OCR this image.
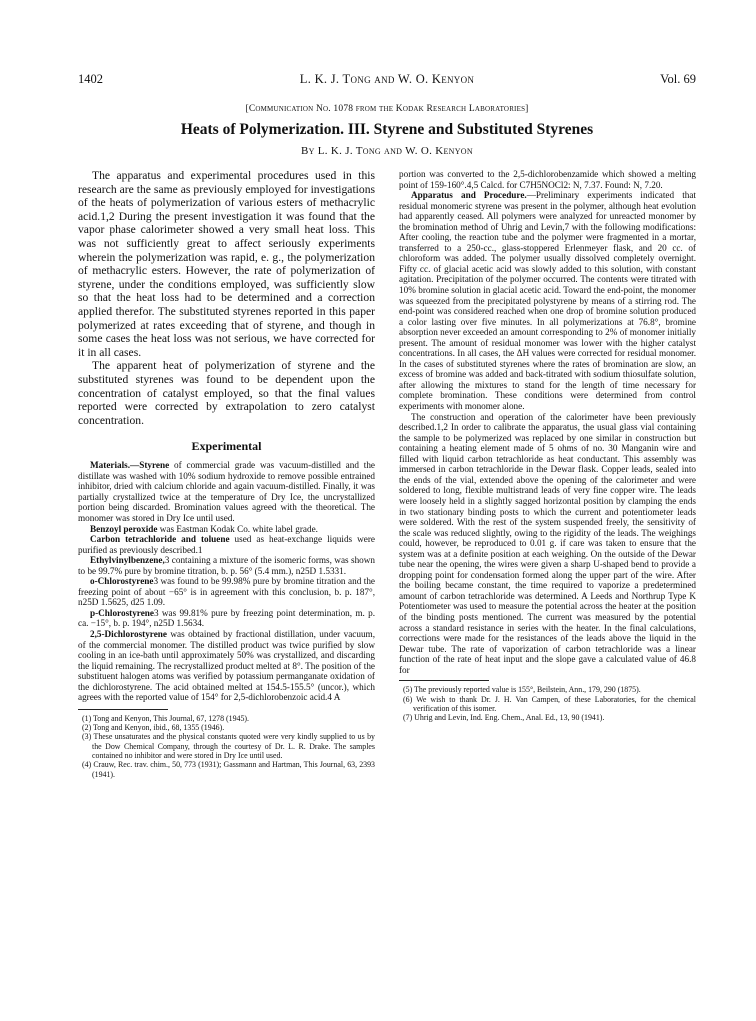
1402	L. K. J. Tong and W. O. Kenyon	Vol. 69
[Communication No. 1078 from the Kodak Research Laboratories]
Heats of Polymerization. III. Styrene and Substituted Styrenes
By L. K. J. Tong and W. O. Kenyon

The apparatus and experimental procedures used in this research are the same as previously employed for investigations of the heats of polymerization of various esters of methacrylic acid.1,2 During the present investigation it was found that the vapor phase calorimeter showed a very small heat loss. This was not sufficiently great to affect seriously experiments wherein the polymerization was rapid, e. g., the polymerization of methacrylic esters. However, the rate of polymerization of styrene, under the conditions employed, was sufficiently slow so that the heat loss had to be determined and a correction applied therefor. The substituted styrenes reported in this paper polymerized at rates exceeding that of styrene, and though in some cases the heat loss was not serious, we have corrected for it in all cases.

The apparent heat of polymerization of styrene and the substituted styrenes was found to be dependent upon the concentration of catalyst employed, so that the final values reported were corrected by extrapolation to zero catalyst concentration.

Experimental

Materials.—Styrene of commercial grade was vacuum-distilled and the distillate was washed with 10% sodium hydroxide to remove possible entrained inhibitor, dried with calcium chloride and again vacuum-distilled. Finally, it was partially crystallized twice at the temperature of Dry Ice, the uncrystallized portion being discarded. Bromination values agreed with the theoretical. The monomer was stored in Dry Ice until used.

Benzoyl peroxide was Eastman Kodak Co. white label grade.

Carbon tetrachloride and toluene used as heat-exchange liquids were purified as previously described.1

Ethylvinylbenzene,3 containing a mixture of the isomeric forms, was shown to be 99.7% pure by bromine titration, b. p. 56° (5.4 mm.), n25D 1.5331.

o-Chlorostyrene3 was found to be 99.98% pure by bromine titration and the freezing point of about −65° is in agreement with this conclusion, b. p. 187°, n25D 1.5625, d25 1.09.

p-Chlorostyrene3 was 99.81% pure by freezing point determination, m. p. ca. −15°, b. p. 194°, n25D 1.5634.

2,5-Dichlorostyrene was obtained by fractional distillation, under vacuum, of the commercial monomer. The distilled product was twice purified by slow cooling in an ice-bath until approximately 50% was crystallized, and discarding the liquid remaining. The recrystallized product melted at 8°. The position of the substituent halogen atoms was verified by potassium permanganate oxidation of the dichlorostyrene. The acid obtained melted at 154.5-155.5° (uncor.), which agrees with the reported value of 154° for 2,5-dichlorobenzoic acid.4 A

(1) Tong and Kenyon, This Journal, 67, 1278 (1945).

(2) Tong and Kenyon, ibid., 68, 1355 (1946).

(3) These unsaturates and the physical constants quoted were very kindly supplied to us by the Dow Chemical Company, through the courtesy of Dr. L. R. Drake. The samples contained no inhibitor and were stored in Dry Ice until used.

(4) Crauw, Rec. trav. chim., 50, 773 (1931); Gassmann and Hartman, This Journal, 63, 2393 (1941).

portion was converted to the 2,5-dichlorobenzamide which showed a melting point of 159-160°.4,5 Calcd. for C7H5NOCl2: N, 7.37. Found: N, 7.20.

Apparatus and Procedure.—Preliminary experiments indicated that residual monomeric styrene was present in the polymer, although heat evolution had apparently ceased. All polymers were analyzed for unreacted monomer by the bromination method of Uhrig and Levin,7 with the following modifications: After cooling, the reaction tube and the polymer were fragmented in a mortar, transferred to a 250-cc., glass-stoppered Erlenmeyer flask, and 20 cc. of chloroform was added. The polymer usually dissolved completely overnight. Fifty cc. of glacial acetic acid was slowly added to this solution, with constant agitation. Precipitation of the polymer occurred. The contents were titrated with 10% bromine solution in glacial acetic acid. Toward the end-point, the monomer was squeezed from the precipitated polystyrene by means of a stirring rod. The end-point was considered reached when one drop of bromine solution produced a color lasting over five minutes. In all polymerizations at 76.8°, bromine absorption never exceeded an amount corresponding to 2% of monomer initially present. The amount of residual monomer was lower with the higher catalyst concentrations. In all cases, the ΔH values were corrected for residual monomer. In the cases of substituted styrenes where the rates of bromination are slow, an excess of bromine was added and back-titrated with sodium thiosulfate solution, after allowing the mixtures to stand for the length of time necessary for complete bromination. These conditions were determined from control experiments with monomer alone.

The construction and operation of the calorimeter have been previously described.1,2 In order to calibrate the apparatus, the usual glass vial containing the sample to be polymerized was replaced by one similar in construction but containing a heating element made of 5 ohms of no. 30 Manganin wire and filled with liquid carbon tetrachloride as heat conductant. This assembly was immersed in carbon tetrachloride in the Dewar flask. Copper leads, sealed into the ends of the vial, extended above the opening of the calorimeter and were soldered to long, flexible multistrand leads of very fine copper wire. The leads were loosely held in a slightly sagged horizontal position by clamping the ends in two stationary binding posts to which the current and potentiometer leads were soldered. With the rest of the system suspended freely, the sensitivity of the scale was reduced slightly, owing to the rigidity of the leads. The weighings could, however, be reproduced to 0.01 g. if care was taken to ensure that the system was at a definite position at each weighing. On the outside of the Dewar tube near the opening, the wires were given a sharp U-shaped bend to provide a dropping point for condensation formed along the upper part of the wire. After the boiling became constant, the time required to vaporize a predetermined amount of carbon tetrachloride was determined. A Leeds and Northrup Type K Potentiometer was used to measure the potential across the heater at the position of the binding posts mentioned. The current was measured by the potential across a standard resistance in series with the heater. In the final calculations, corrections were made for the resistances of the leads above the liquid in the Dewar tube. The rate of vaporization of carbon tetrachloride was a linear function of the rate of heat input and the slope gave a calculated value of 46.8 for

(5) The previously reported value is 155°, Beilstein, Ann., 179, 290 (1875).

(6) We wish to thank Dr. J. H. Van Campen, of these Laboratories, for the chemical verification of this isomer.

(7) Uhrig and Levin, Ind. Eng. Chem., Anal. Ed., 13, 90 (1941).
